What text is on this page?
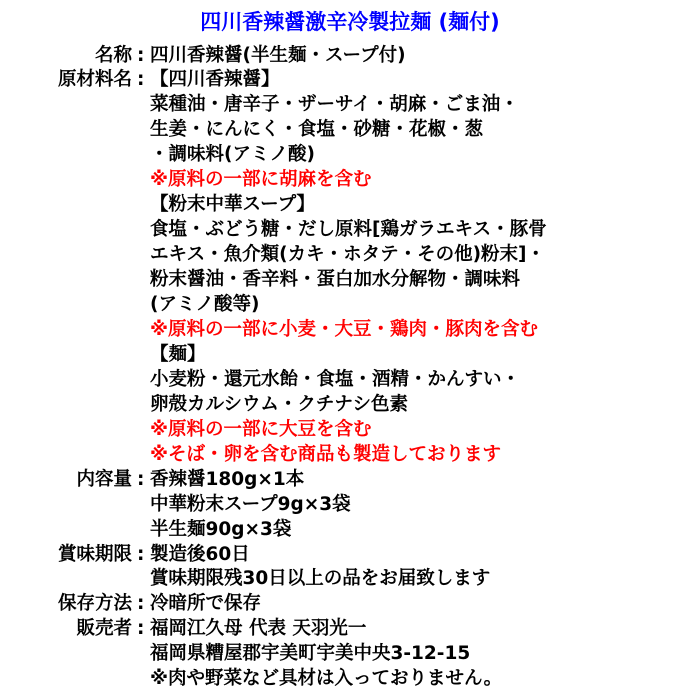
四川香辣醤激辛冷製拉麺 (麺付)
名称 : 四川香辣醤(半生麺・スープ付)
原材料名 : 【四川香辣醤】
菜種油・唐辛子・ザーサイ・胡麻・ごま油・
生姜・にんにく・食塩・砂糖・花椒・葱
・調味料(アミノ酸)
※原料の一部に胡麻を含む
【粉末中華スープ】
食塩・ぶどう糖・だし原料[鶏ガラエキス・豚骨
エキス・魚介類(カキ・ホタテ・その他)粉末]・
粉末醤油・香辛料・蛋白加水分解物・調味料
(アミノ酸等)
※原料の一部に小麦・大豆・鶏肉・豚肉を含む
【麺】
小麦粉・還元水飴・食塩・酒精・かんすい・
卵殻カルシウム・クチナシ色素
※原料の一部に大豆を含む
※そば・卵を含む商品も製造しております
内容量 : 香辣醤180g×1本
中華粉末スープ9g×3袋
半生麺90g×3袋
賞味期限 : 製造後60日
賞味期限残30日以上の品をお届致します
保存方法 : 冷暗所で保存
販売者 : 福岡江久母 代表 天羽光一
福岡県糟屋郡宇美町宇美中央3-12-15
※肉や野菜など具材は入っておりません。
